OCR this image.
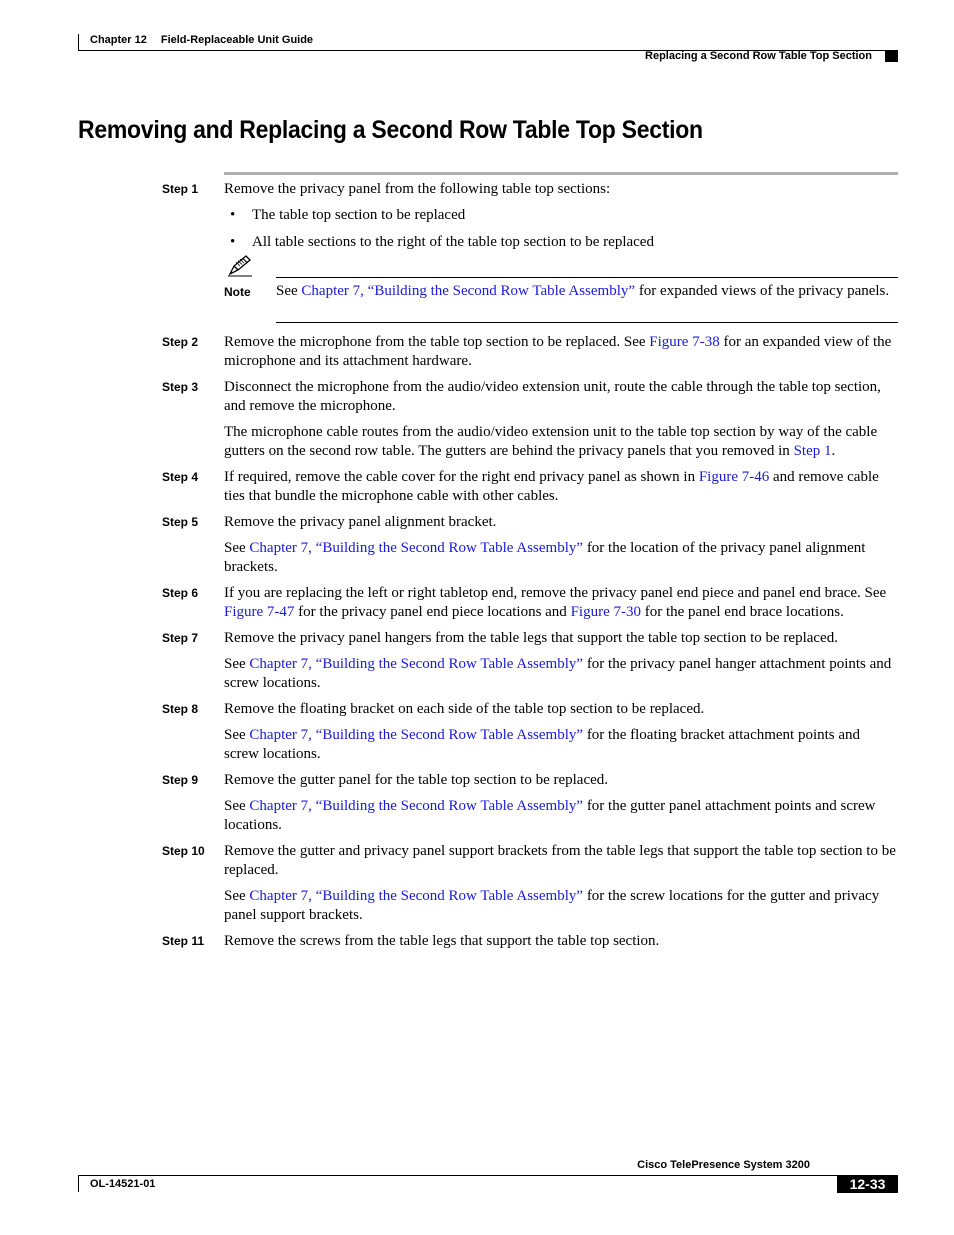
Chapter 12 Field-Replaceable Unit Guide
Replacing a Second Row Table Top Section
Removing and Replacing a Second Row Table Top Section
Step 1 Remove the privacy panel from the following table top sections:

• The table top section to be replaced
• All table sections to the right of the table top section to be replaced
Note See Chapter 7, “Building the Second Row Table Assembly” for expanded views of the privacy panels.
Step 2 Remove the microphone from the table top section to be replaced. See Figure 7-38 for an expanded view of the microphone and its attachment hardware.

Step 3 Disconnect the microphone from the audio/video extension unit, route the cable through the table top section, and remove the microphone.

The microphone cable routes from the audio/video extension unit to the table top section by way of the cable gutters on the second row table. The gutters are behind the privacy panels that you removed in Step 1.

Step 4 If required, remove the cable cover for the right end privacy panel as shown in Figure 7-46 and remove cable ties that bundle the microphone cable with other cables.

Step 5 Remove the privacy panel alignment bracket.

See Chapter 7, “Building the Second Row Table Assembly” for the location of the privacy panel alignment brackets.

Step 6 If you are replacing the left or right tabletop end, remove the privacy panel end piece and panel end brace. See Figure 7-47 for the privacy panel end piece locations and Figure 7-30 for the panel end brace locations.

Step 7 Remove the privacy panel hangers from the table legs that support the table top section to be replaced.

See Chapter 7, “Building the Second Row Table Assembly” for the privacy panel hanger attachment points and screw locations.

Step 8 Remove the floating bracket on each side of the table top section to be replaced.

See Chapter 7, “Building the Second Row Table Assembly” for the floating bracket attachment points and screw locations.

Step 9 Remove the gutter panel for the table top section to be replaced.

See Chapter 7, “Building the Second Row Table Assembly” for the gutter panel attachment points and screw locations.

Step 10 Remove the gutter and privacy panel support brackets from the table legs that support the table top section to be replaced.

See Chapter 7, “Building the Second Row Table Assembly” for the screw locations for the gutter and privacy panel support brackets.

Step 11 Remove the screws from the table legs that support the table top section.

Cisco TelePresence System 3200
OL-14521-01	12-33
